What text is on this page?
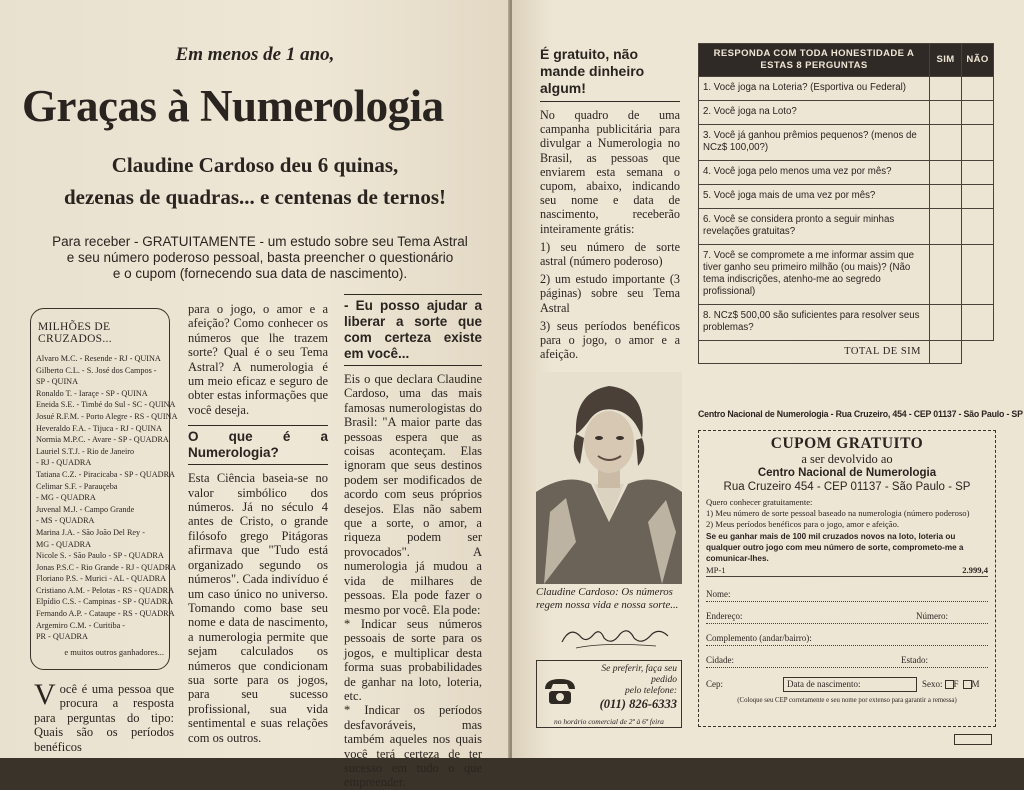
Em menos de 1 ano,
Graças à Numerologia
Claudine Cardoso deu 6 quinas,
dezenas de quadras... e centenas de ternos!
Para receber - GRATUITAMENTE - um estudo sobre seu Tema Astral
e seu número poderoso pessoal, basta preencher o questionário
e o cupom (fornecendo sua data de nascimento).
MILHÕES DE CRUZADOS...
Alvaro M.C. - Resende - RJ - QUINA
Gilberto C.L. - S. José dos Campos -
SP - QUINA
Ronaldo T. - Iaraçe - SP - QUINA
Eneida S.E. - Timbé do Sul - SC - QUINA
Josué R.F.M. - Porto Alegre - RS - QUINA
Heveraldo F.A. - Tijuca - RJ - QUINA
Normia M.P.C. - Avare - SP - QUADRA
Lauriel S.T.J. - Rio de Janeiro
- RJ - QUADRA
Tatiana C.Z. - Piracicaba - SP - QUADRA
Celimar S.F. - Parauçeba
- MG - QUADRA
Juvenal M.J. - Campo Grande
- MS - QUADRA
Marina J.A. - São João Del Rey -
MG - QUADRA
Nicole S. - São Paulo - SP - QUADRA
Jonas P.S.C - Rio Grande - RJ - QUADRA
Floriano P.S. - Murici - AL - QUADRA
Cristiano A.M. - Pelotas - RS - QUADRA
Elpídio C.S. - Campinas - SP - QUADRA
Fernando A.P. - Cataupe - RS - QUADRA
Argemiro C.M. - Curitiba -
PR - QUADRA
e muitos outros ganhadores...
Você é uma pessoa que procura a resposta para perguntas do tipo: Quais são os períodos benéficos

para o jogo, o amor e a afeição? Como conhecer os números que lhe trazem sorte? Qual é o seu Tema Astral? A numerologia é um meio eficaz e seguro de obter estas informações que você deseja.

O que é a Numerologia?

Esta Ciência baseia-se no valor simbólico dos números. Já no século 4 antes de Cristo, o grande filósofo grego Pitágoras afirmava que "Tudo está organizado segundo os números". Cada indivíduo é um caso único no universo. Tomando como base seu nome e data de nascimento, a numerologia permite que sejam calculados os números que condicionam sua sorte para os jogos, para seu sucesso profissional, sua vida sentimental e suas relações com os outros.

- Eu posso ajudar a liberar a sorte que com certeza existe em você...

Eis o que declara Claudine Cardoso, uma das mais famosas numerologistas do Brasil: "A maior parte das pessoas espera que as coisas aconteçam. Elas ignoram que seus destinos podem ser modificados de acordo com seus próprios desejos. Elas não sabem que a sorte, o amor, a riqueza podem ser provocados". A numerologia já mudou a vida de milhares de pessoas. Ela pode fazer o mesmo por você. Ela pode:

* Indicar seus números pessoais de sorte para os jogos, e multiplicar desta forma suas probabilidades de ganhar na loto, loteria, etc.

* Indicar os períodos desfavoráveis, mas também aqueles nos quais você terá certeza de ter sucesso em tudo o que empreender.

É gratuito, não mande dinheiro algum!

No quadro de uma campanha publicitária para divulgar a Numerologia no Brasil, as pessoas que enviarem esta semana o cupom, abaixo, indicando seu nome e data de nascimento, receberão inteiramente grátis:

1) seu número de sorte astral (número poderoso)

2) um estudo importante (3 páginas) sobre seu Tema Astral

3) seus períodos benéficos para o jogo, o amor e a afeição.

Claudine Cardoso: Os números regem nossa vida e nossa sorte...
Se preferir, faça seu pedido
pelo telefone:
(011) 826-6333
no horário comercial de 2ª à 6ª feira
RESPONDA COM TODA HONESTIDADE A ESTAS 8 PERGUNTAS	SIM	NÃO
1. Você joga na Loteria? (Esportiva ou Federal)		
2. Você joga na Loto?		
3. Você já ganhou prêmios pequenos? (menos de NCz$ 100,00?)		
4. Você joga pelo menos uma vez por mês?		
5. Você joga mais de uma vez por mês?		
6. Você se considera pronto a seguir minhas revelações gratuitas?		
7. Você se compromete a me informar assim que tiver ganho seu primeiro milhão (ou mais)? (Não tema indiscrições, atenho-me ao segredo profissional)		
8. NCz$ 500,00 são suficientes para resolver seus problemas?		
TOTAL DE SIM		
Centro Nacional de Numerologia - Rua Cruzeiro, 454 - CEP 01137 - São Paulo - SP
CUPOM GRATUITO
a ser devolvido ao
Centro Nacional de Numerologia
Rua Cruzeiro 454 - CEP 01137 - São Paulo - SP
Quero conhecer gratuitamente:
1) Meu número de sorte pessoal baseado na numerologia (número poderoso)
2) Meus períodos benéficos para o jogo, amor e afeição.
Se eu ganhar mais de 100 mil cruzados novos na loto, loteria ou qualquer outro jogo com meu número de sorte, comprometo-me a comunicar-lhes.
MP-1	2.999,4
Nome:
Endereço:	Número:
Complemento (andar/bairro):
Cidade:	Estado:
Cep:	Data de nascimento:	Sexo: F M
(Coloque seu CEP corretamente e seu nome por extenso para garantir a remessa)
